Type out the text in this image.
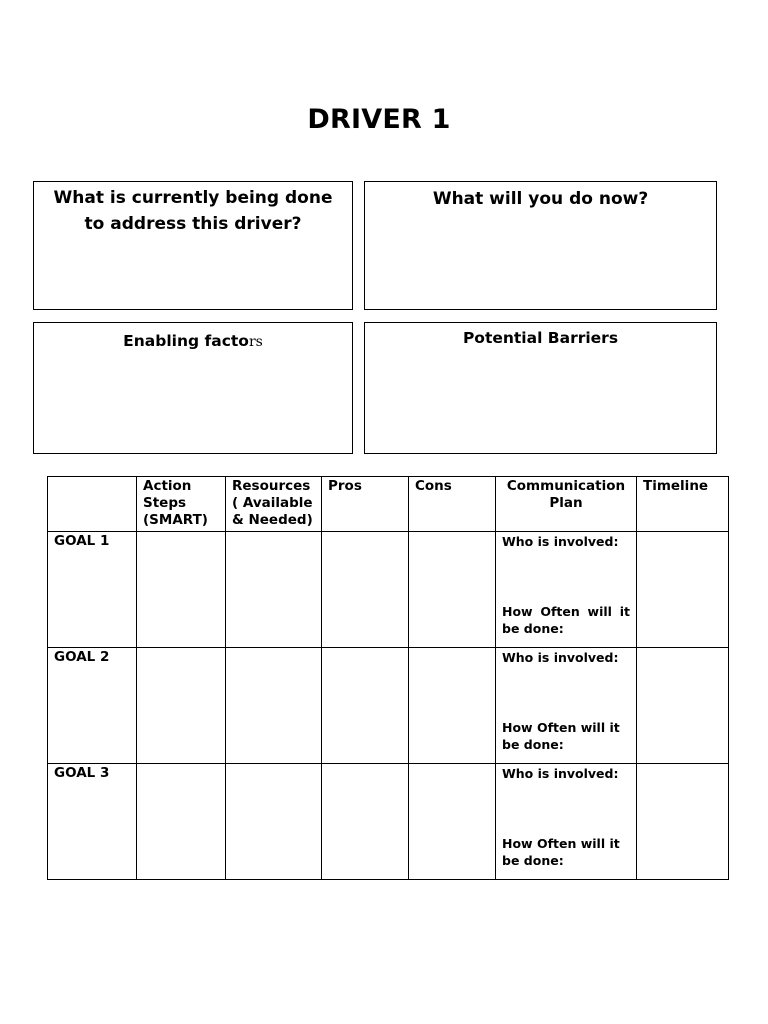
DRIVER 1
What is currently being done
to address this driver?
What will you do now?
Enabling factors	Potential Barriers
	Action Steps (SMART)	Resources ( Available & Needed)	Pros	Cons	Communication Plan	Timeline
GOAL 1					Who is involved:
How Often will it be done:	

GOAL 2					Who is involved:
How Often will it be done:	

GOAL 3					Who is involved:
How Often will it be done:	
